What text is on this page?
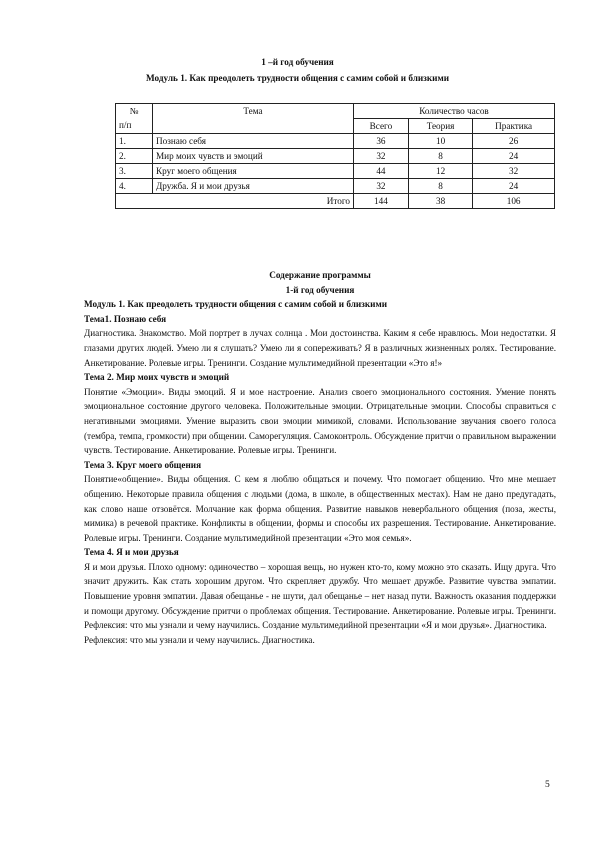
1 –й год обучения
Модуль 1. Как преодолеть трудности общения с самим собой и близкими
№
п/п	Тема	Количество часов		
		Всего	Теория	Практика
1.	Познаю себя	36	10	26
2.	Мир моих чувств и эмоций	32	8	24
3.	Круг моего общения	44	12	32
4.	Дружба. Я и мои друзья	32	8	24
Итого		144	38	106

Содержание программы

1-й год обучения

Модуль 1. Как преодолеть трудности общения с самим собой и близкими

Тема1. Познаю себя

Диагностика. Знакомство. Мой портрет в лучах солнца . Мои достоинства. Каким я себе нравлюсь. Мои недостатки. Я глазами других людей. Умею ли я слушать? Умею ли я сопереживать? Я в различных жизненных ролях. Тестирование. Анкетирование. Ролевые игры. Тренинги. Создание мультимедийной презентации «Это я!»

Тема 2. Мир моих чувств и эмоций

Понятие «Эмоции». Виды эмоций. Я и мое настроение. Анализ своего эмоционального состояния. Умение понять эмоциональное состояние другого человека. Положительные эмоции. Отрицательные эмоции. Способы справиться с негативными эмоциями. Умение выразить свои эмоции мимикой, словами. Использование звучания своего голоса (тембра, темпа, громкости) при общении. Саморегуляция. Самоконтроль. Обсуждение притчи о правильном выражении чувств. Тестирование. Анкетирование. Ролевые игры. Тренинги.

Тема 3. Круг моего общения

Понятие«общение». Виды общения. С кем я люблю общаться и почему. Что помогает общению. Что мне мешает общению. Некоторые правила общения с людьми (дома, в школе, в общественных местах). Нам не дано предугадать, как слово наше отзовётся. Молчание как форма общения. Развитие навыков невербального общения (поза, жесты, мимика) в речевой практике. Конфликты в общении, формы и способы их разрешения. Тестирование. Анкетирование. Ролевые игры. Тренинги. Создание мультимедийной презентации «Это моя семья».

Тема 4. Я и мои друзья

Я и мои друзья. Плохо одному: одиночество – хорошая вещь, но нужен кто-то, кому можно это сказать. Ищу друга. Что значит дружить. Как стать хорошим другом. Что скрепляет дружбу. Что мешает дружбе. Развитие чувства эмпатии. Повышение уровня эмпатии. Давая обещанье - не шути, дал обещанье – нет назад пути. Важность оказания поддержки и помощи другому. Обсуждение притчи о проблемах общения. Тестирование. Анкетирование. Ролевые игры. Тренинги. Рефлексия: что мы узнали и чему научились. Создание мультимедийной презентации «Я и мои друзья». Диагностика.

Рефлексия: что мы узнали и чему научились. Диагностика.

5
